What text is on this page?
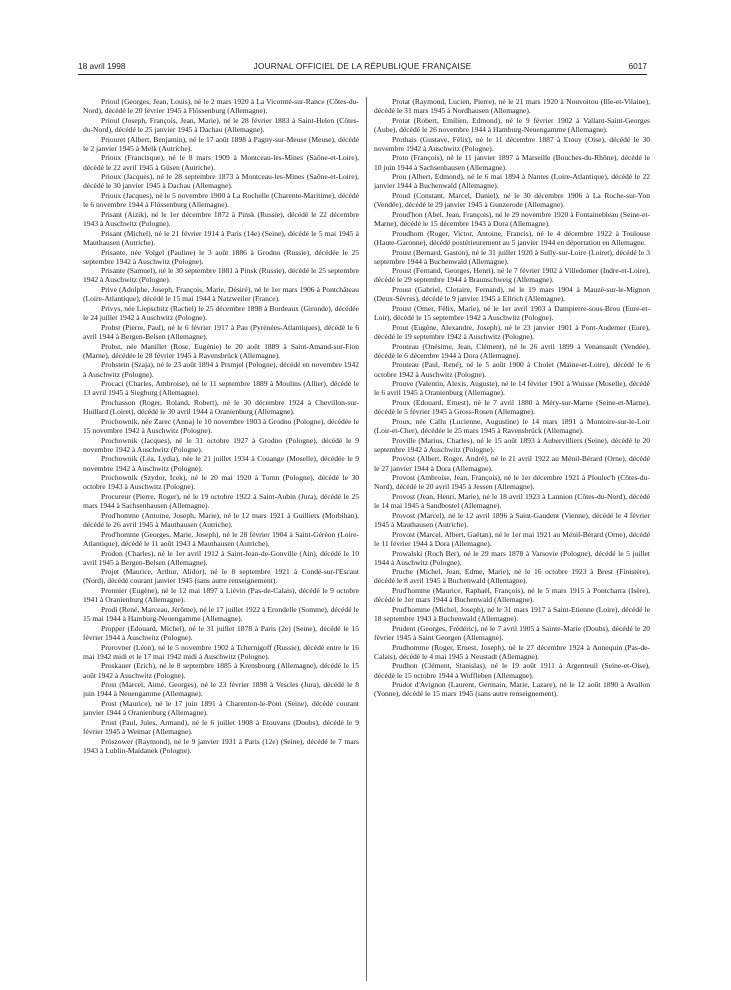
18 avril 1998	JOURNAL OFFICIEL DE LA RÉPUBLIQUE FRANÇAISE	6017

Prioul (Georges, Jean, Louis), né le 2 mars 1920 à La Vicomté-sur-Rance (Côtes-du-Nord), décédé le 20 février 1945 à Flössenburg (Allemagne).

Prioul (Joseph, François, Jean, Marie), né le 28 février 1883 à Saint-Helen (Côtes-du-Nord), décédé le 25 janvier 1945 à Dachau (Allemagne).

Priouret (Albert, Benjamin), né le 17 août 1898 à Pagny-sur-Meuse (Meuse), décédé le 2 janvier 1945 à Melk (Autriche).

Prioux (Francisque), né le 8 mars 1909 à Montceau-les-Mines (Saône-et-Loire), décédé le 22 avril 1945 à Güsen (Autriche).

Prioux (Jacques), né le 28 septembre 1873 à Montceau-les-Mines (Saône-et-Loire), décédé le 30 janvier 1945 à Dachau (Allemagne).

Prioux (Jacques), né le 5 novembre 1900 à La Rochelle (Charente-Maritime), décédé le 6 novembre 1944 à Flössenburg (Allemagne).

Prisant (Aizik), né le 1er décembre 1872 à Pinsk (Russie), décédé le 22 décembre 1943 à Auschwitz (Pologne).

Prisant (Michel), né le 21 février 1914 à Paris (14e) (Seine), décédé le 5 mai 1945 à Mauthausen (Autriche).

Prisante, née Volgel (Pauline) le 3 août 1886 à Grodno (Russie), décédée le 25 septembre 1942 à Auschwitz (Pologne).

Prisante (Samuel), né le 30 septembre 1881 à Pinsk (Russie), décédé le 25 septembre 1942 à Auschwitz (Pologne).

Prive (Adolphe, Joseph, François, Marie, Désiré), né le 1er mars 1906 à Pontchâteau (Loire-Atlantique), décédé le 15 mai 1944 à Natzweiler (France).

Privys, née Liepschitz (Rachel) le 25 décembre 1898 à Bordeaux (Gironde), décédée le 24 juillet 1942 à Auschwitz (Pologne).

Probst (Pierre, Paul), né le 6 février 1917 à Pau (Pyrénées-Atlantiques), décédé le 6 avril 1944 à Bergen-Belsen (Allemagne).

Probst, née Manillet (Rose, Eugénie) le 20 août 1889 à Saint-Amand-sur-Fion (Marne), décédée le 28 février 1945 à Ravensbrück (Allemagne).

Probstein (Szaja), né le 23 août 1894 à Prsmjel (Pologne), décédé en novembre 1942 à Auschwitz (Pologne).

Procaci (Charles, Ambroise), né le 11 septembre 1889 à Moulins (Allier), décédé le 13 avril 1945 à Siegburg (Allemagne).

Prochasson (Roger, Roland, Robert), né le 30 décembre 1924 à Chevillon-sur-Huillard (Loiret), décédé le 30 avril 1944 à Oranienburg (Allemagne).

Prochownik, née Zarec (Anna) le 10 novembre 1903 à Grodno (Pologne), décédée le 15 novembre 1942 à Auschwitz (Pologne).

Prochownik (Jacques), né le 31 octobre 1927 à Grodno (Pologne), décédé le 9 novembre 1942 à Auschwitz (Pologne).

Prochownik (Léa, Lydia), née le 21 juillet 1934 à Couange (Moselle), décédée le 9 novembre 1942 à Auschwitz (Pologne).

Prochownik (Szydor, Icek), né le 20 mai 1920 à Tornn (Pologne), décédé le 30 octobre 1943 à Auschwitz (Pologne).

Procureur (Pierre, Roger), né le 19 octobre 1922 à Saint-Aubin (Jura), décédé le 25 mars 1944 à Sachsenhausen (Allemagne).

Prod'homme (Antoine, Joseph, Marie), né le 12 mars 1921 à Guilliers (Morbihan), décédé le 26 avril 1945 à Mauthausen (Autriche).

Prod'homme (Georges, Marie, Joseph), né le 28 février 1904 à Saint-Géréon (Loire-Atlantique), décédé le 11 août 1943 à Mauthausen (Autriche).

Prodon (Charles), né le 1er avril 1912 à Saint-Jean-de-Gonville (Ain), décédé le 10 avril 1945 à Bergen-Belsen (Allemagne).

Projet (Maurice, Arthur, Alidor), né le 8 septembre 1921 à Condé-sur-l'Escaut (Nord), décédé courant janvier 1945 (sans autre renseignement).

Pronnier (Eugène), né le 12 mai 1897 à Liévin (Pas-de-Calais), décédé le 9 octobre 1941 à Oranienburg (Allemagne).

Prodi (René, Marceau, Jérôme), né le 17 juillet 1922 à Erondelle (Somme), décédé le 15 mai 1944 à Hamburg-Neuengamme (Allemagne).

Propper (Edouard, Michel), né le 31 juillet 1878 à Paris (2e) (Seine), décédé le 15 février 1944 à Auschwitz (Pologne).

Prorovner (Léon), né le 5 novembre 1902 à Tchernigoff (Russie), décédé entre le 16 mai 1942 midi et le 17 mai 1942 midi à Auschwitz (Pologne).

Proskauer (Erich), né le 8 septembre 1885 à Krensbourg (Allemagne), décédé le 15 août 1942 à Auschwitz (Pologne).

Prost (Marcel, Aimé, Georges), né le 23 février 1898 à Vescles (Jura), décédé le 8 juin 1944 à Neuengamme (Allemagne).

Prost (Maurice), né le 17 juin 1891 à Charenton-le-Pont (Seine), décédé courant janvier 1944 à Oranienburg (Allemagne).

Prost (Paul, Jules, Armand), né le 6 juillet 1908 à Etouvans (Doubs), décédé le 9 février 1945 à Weimar (Allemagne).

Prószower (Raymond), né le 9 janvier 1931 à Paris (12e) (Seine), décédé le 7 mars 1943 à Lublin-Maïdanek (Pologne).

Protat (Raymond, Lucien, Pierre), né le 21 mars 1920 à Nouvoitou (Ille-et-Vilaine), décédé le 31 mars 1945 à Nordhausen (Allemagne).

Protat (Robert, Emilien, Edmond), né le 9 février 1902 à Vallant-Saint-Georges (Aube), décédé le 26 novembre 1944 à Hamburg-Neuengamme (Allemagne).

Prothais (Gustave, Félix), né le 11 décembre 1887 à Etouy (Oise), décédé le 30 novembre 1942 à Auschwitz (Pologne).

Proto (François), né le 11 janvier 1897 à Marseille (Bouches-du-Rhône), décédé le 10 juin 1944 à Sachsenhausen (Allemagne).

Prou (Albert, Edmond), né le 6 mai 1894 à Nantes (Loire-Atlantique), décédé le 22 janvier 1944 à Buchenwald (Allemagne).

Proud (Constant, Marcel, Daniel), né le 30 décembre 1906 à La Roche-sur-Yon (Vendée), décédé le 29 janvier 1945 à Gunzerode (Allemagne).

Proud'hon (Abel, Jean, François), né le 29 novembre 1920 à Fontainebleau (Seine-et-Marne), décédé le 15 décembre 1943 à Dora (Allemagne).

Proudhom (Roger, Victor, Antoine, Francis), né le 4 décembre 1922 à Toulouse (Haute-Garonne), décédé postérieurement au 5 janvier 1944 en déportation en Allemagne.

Proust (Bernard, Gaston), né le 31 juillet 1920 à Sully-sur-Loire (Loiret), décédé le 3 septembre 1944 à Buchenwald (Allemagne).

Proust (Fernand, Georges, Henri), né le 7 février 1902 à Villedomer (Indre-et-Loire), décédé le 29 septembre 1944 à Braunschweig (Allemagne).

Proust (Gabriel, Clotaire, Fernand), né le 19 mars 1904 à Mauzé-sur-le-Mignon (Deux-Sèvres), décédé le 9 janvier 1945 à Ellrich (Allemagne).

Proust (Omer, Félix, Marie), né le 1er avril 1903 à Dampierre-sous-Brou (Eure-et-Loir), décédé le 15 septembre 1942 à Auschwitz (Pologne).

Prout (Eugène, Alexandre, Joseph), né le 23 janvier 1901 à Pont-Audemer (Eure), décédé le 19 septembre 1942 à Auschwitz (Pologne).

Prouteau (Onésime, Jean, Clément), né le 26 avril 1899 à Venansault (Vendée), décédé le 6 décembre 1944 à Dora (Allemagne).

Prouteau (Paul, René), né le 5 août 1900 à Cholet (Maine-et-Loire), décédé le 6 octobre 1942 à Auschwitz (Pologne).

Prouve (Valentin, Alexis, Auguste), né le 14 février 1901 à Wuisse (Moselle), décédé le 6 avril 1945 à Oranienburg (Allemagne).

Proux (Edouard, Ernest), né le 7 avril 1880 à Méry-sur-Marne (Seine-et-Marne), décédé le 5 février 1945 à Gross-Rosen (Allemagne).

Proux, née Callu (Lucienne, Augustine) le 14 mars 1891 à Montoire-sur-le-Loir (Loir-et-Cher), décédée le 25 mars 1945 à Ravensbrück (Allemagne).

Proville (Marius, Charles), né le 15 août 1893 à Aubervilliers (Seine), décédé le 20 septembre 1942 à Auschwitz (Pologne).

Provost (Albert, Roger, André), né le 21 avril 1922 au Ménil-Bérard (Orne), décédé le 27 janvier 1944 à Dora (Allemagne).

Provost (Ambroise, Jean, François), né le 1er décembre 1921 à Ploulec'h (Côtes-du-Nord), décédé le 20 avril 1945 à Jessen (Allemagne).

Provost (Jean, Henri, Marie), né le 18 avril 1923 à Lannion (Côtes-du-Nord), décédé le 14 mai 1945 à Sandbostel (Allemagne).

Provost (Marcel), né le 12 avril 1896 à Saint-Gaudent (Vienne), décédé le 4 février 1945 à Mauthausen (Autriche).

Provost (Marcel, Albert, Gaëtan), né le 1er mai 1921 au Ménil-Bérard (Orne), décédé le 11 février 1944 à Dora (Allemagne).

Prowalski (Roch Ber), né le 29 mars 1878 à Varsovie (Pologne), décédé le 5 juillet 1944 à Auschwitz (Pologne).

Pruche (Michel, Jean, Edme, Marie), né le 16 octobre 1923 à Brest (Finistère), décédé le 8 avril 1945 à Buchenwald (Allemagne).

Prud'homme (Maurice, Raphaël, François), né le 5 mars 1915 à Pontcharra (Isère), décédé le 1er mars 1944 à Buchenwald (Allemagne).

Prud'homme (Michel, Joseph), né le 31 mars 1917 à Saint-Etienne (Loire), décédé le 18 septembre 1943 à Buchenwald (Allemagne).

Prudent (Georges, Frédéric), né le 7 avril 1905 à Sainte-Marie (Doubs), décédé le 20 février 1945 à Saint Georgen (Allemagne).

Prudhomme (Roger, Ernest, Joseph), né le 27 décembre 1924 à Annequin (Pas-de-Calais), décédé le 4 mai 1945 à Neustadt (Allemagne).

Prudhon (Clément, Stanislas), né le 19 août 1911 à Argenteuil (Seine-et-Oise), décédé le 15 octobre 1944 à Woffleben (Allemagne).

Prudot d'Avignon (Laurent, Germain, Marie, Lazare), né le 12 août 1890 à Avallon (Yonne), décédé le 15 mars 1945 (sans autre renseignement).
